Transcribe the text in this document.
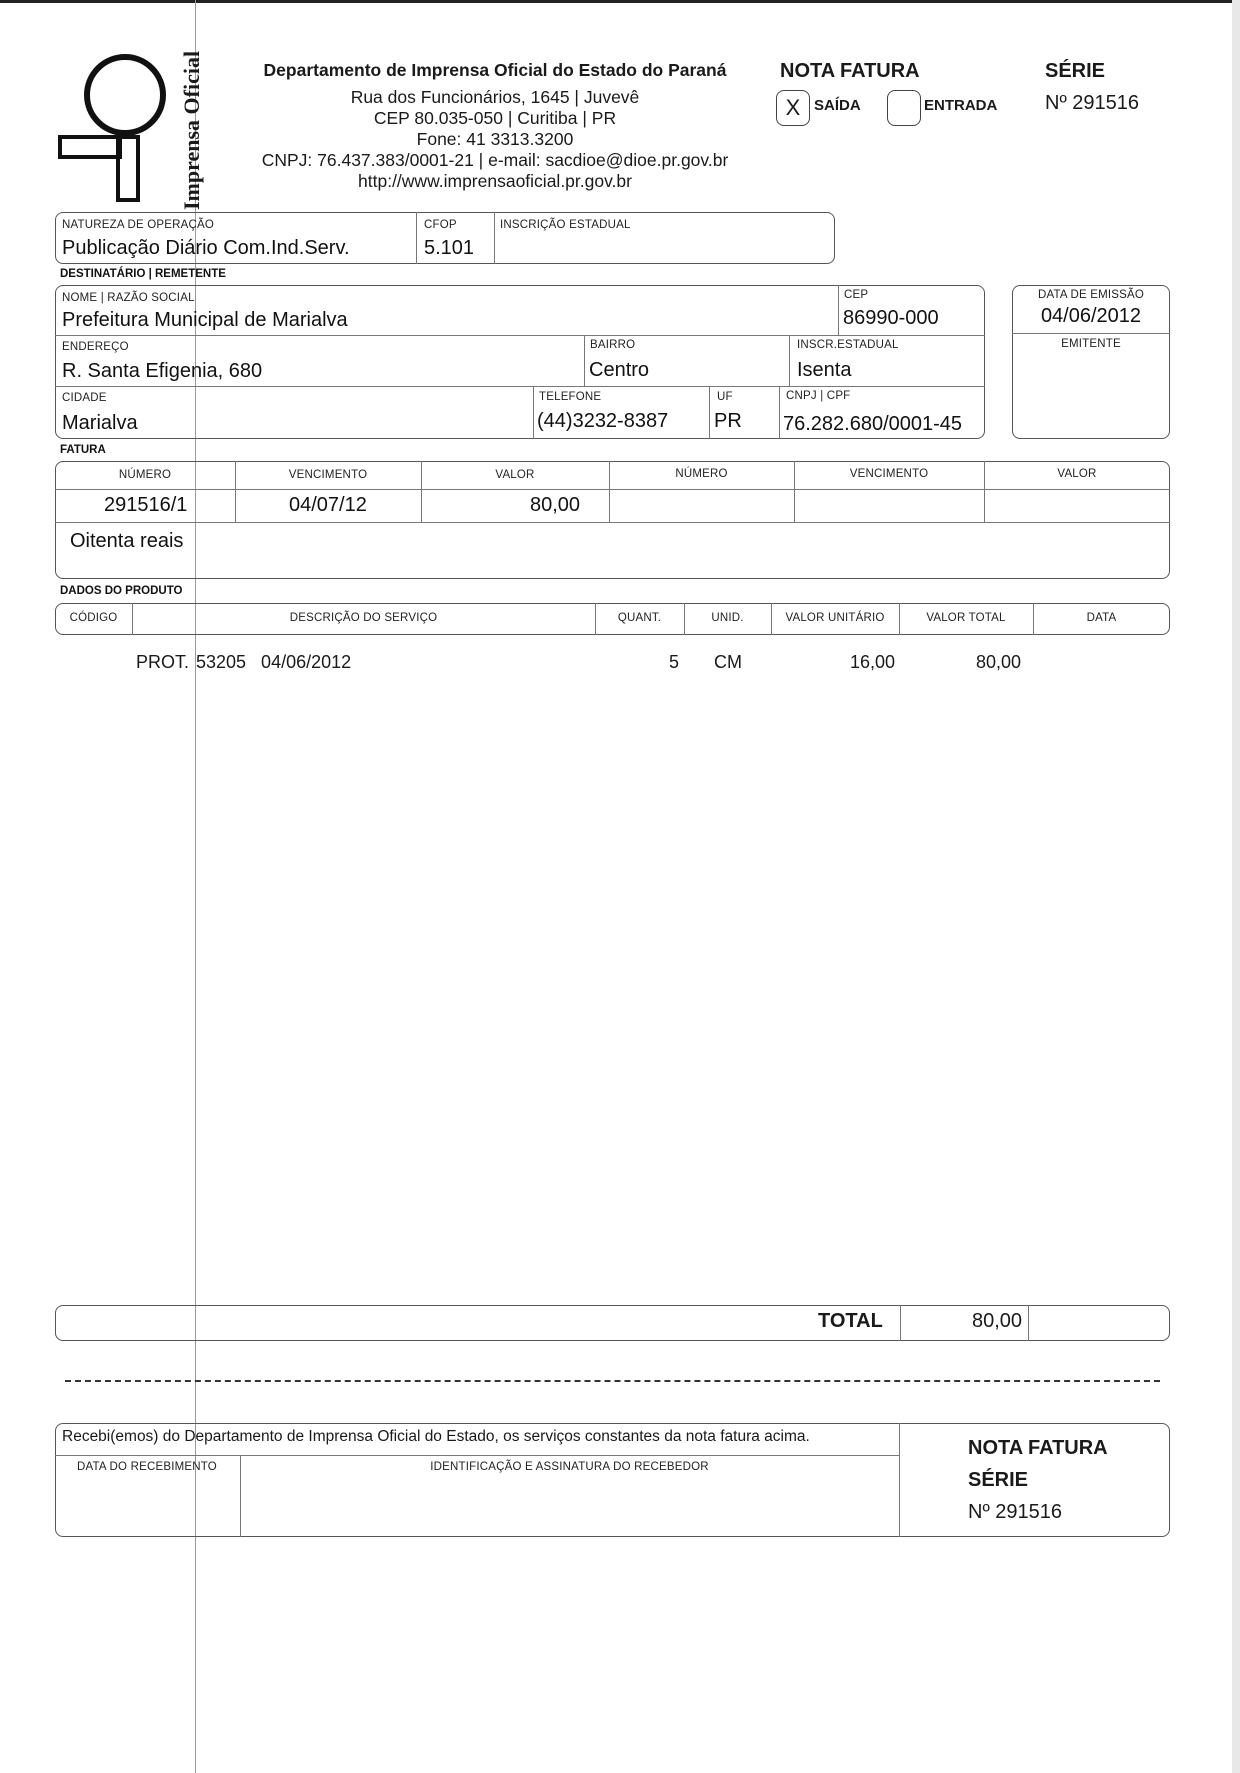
Imprensa Oficial	Departamento de Imprensa Oficial do Estado do Paraná
Rua dos Funcionários, 1645 | Juvevê
CEP 80.035-050 | Curitiba | PR
Fone: 41 3313.3200
CNPJ: 76.437.383/0001-21 | e-mail: sacdioe@dioe.pr.gov.br
http://www.imprensaoficial.pr.gov.br
NOTA FATURA
X SAÍDA	ENTRADA
SÉRIE
Nº 291516
NATUREZA DE OPERAÇÃO
Publicação Diário Com.Ind.Serv.
CFOP
5.101
INSCRIÇÃO ESTADUAL
DESTINATÁRIO | REMETENTE
NOME | RAZÃO SOCIAL
Prefeitura Municipal de Marialva
CEP
86990-000
ENDEREÇO
R. Santa Efigenia, 680
BAIRRO
Centro
INSCR.ESTADUAL
Isenta
CIDADE
Marialva
TELEFONE
(44)3232-8387
UF
PR
CNPJ | CPF
76.282.680/0001-45
DATA DE EMISSÃO
04/06/2012
EMITENTE
FATURA
NÚMERO	VENCIMENTO	VALOR	NÚMERO	VENCIMENTO	VALOR
291516/1	04/07/12	80,00
Oitenta reais
DADOS DO PRODUTO
CÓDIGO	DESCRIÇÃO DO SERVIÇO	QUANT.	UNID.	VALOR UNITÁRIO	VALOR TOTAL	DATA
PROT. 53205   04/06/2012	5 CM	16,00	80,00
TOTAL	80,00
Recebi(emos) do Departamento de Imprensa Oficial do Estado, os serviços constantes da nota fatura acima.
DATA DO RECEBIMENTO	IDENTIFICAÇÃO E ASSINATURA DO RECEBEDOR
NOTA FATURA
SÉRIE
Nº 291516
